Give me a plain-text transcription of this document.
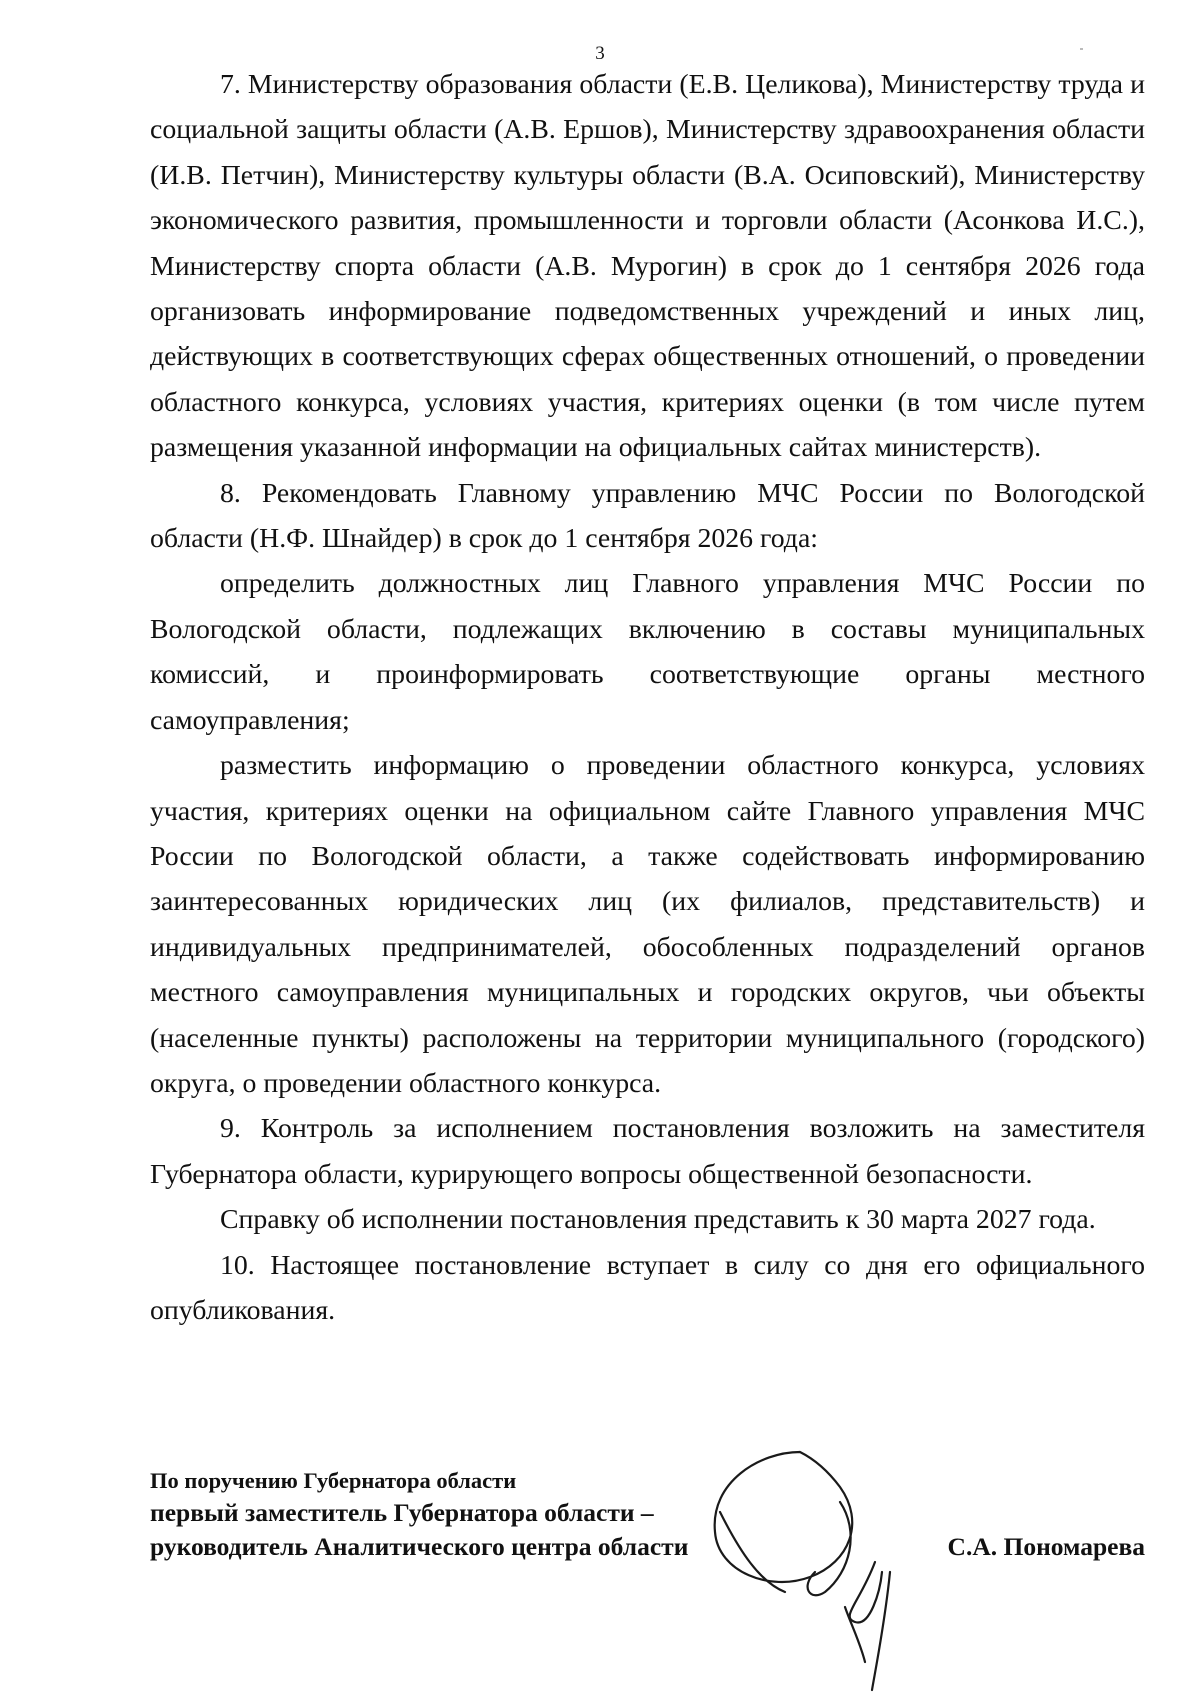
3

7. Министерству образования области (Е.В. Целикова), Министерству труда и социальной защиты области (А.В. Ершов), Министерству здравоохранения области (И.В. Петчин), Министерству культуры области (В.А. Осиповский), Министерству экономического развития, промышленности и торговли области (Асонкова И.С.), Министерству спорта области (А.В. Мурогин) в срок до 1 сентября 2026 года организовать информирование подведомственных учреждений и иных лиц, действующих в соответствующих сферах общественных отношений, о проведении областного конкурса, условиях участия, критериях оценки (в том числе путем размещения указанной информации на официальных сайтах министерств).

8. Рекомендовать Главному управлению МЧС России по Вологодской области (Н.Ф. Шнайдер) в срок до 1 сентября 2026 года:

определить должностных лиц Главного управления МЧС России по Вологодской области, подлежащих включению в составы муниципальных комиссий, и проинформировать соответствующие органы местного самоуправления;

разместить информацию о проведении областного конкурса, условиях участия, критериях оценки на официальном сайте Главного управления МЧС России по Вологодской области, а также содействовать информированию заинтересованных юридических лиц (их филиалов, представительств) и индивидуальных предпринимателей, обособленных подразделений органов местного самоуправления муниципальных и городских округов, чьи объекты (населенные пункты) расположены на территории муниципального (городского) округа, о проведении областного конкурса.

9. Контроль за исполнением постановления возложить на заместителя Губернатора области, курирующего вопросы общественной безопасности.

Справку об исполнении постановления представить к 30 марта 2027 года.

10. Настоящее постановление вступает в силу со дня его официального опубликования.

По поручению Губернатора области
первый заместитель Губернатора области –
руководитель Аналитического центра области	С.А. Пономарева
